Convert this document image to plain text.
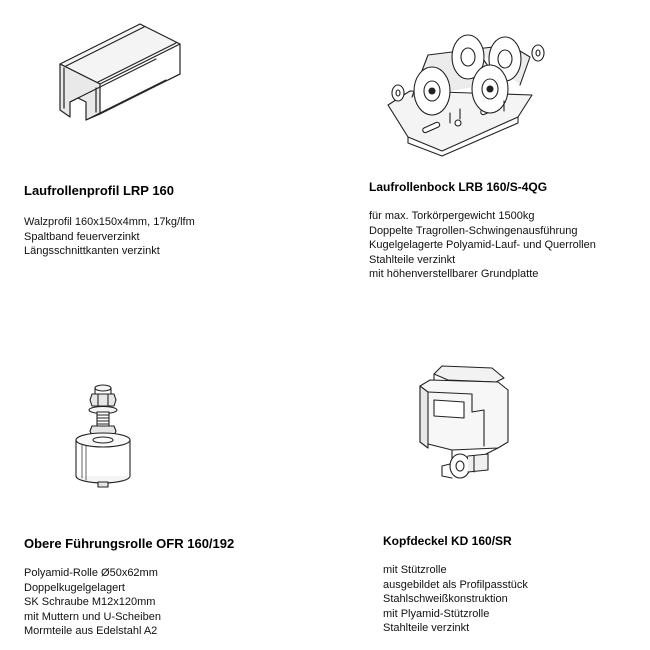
Laufrollenprofil LRP 160
Walzprofil 160x150x4mm, 17kg/lfm
Spaltband feuerverzinkt
Längsschnittkanten verzinkt
Laufrollenbock LRB 160/S-4QG
für max. Torkörpergewicht 1500kg
Doppelte Tragrollen-Schwingenausführung
Kugelgelagerte Polyamid-Lauf- und Querrollen
Stahlteile verzinkt
mit höhenverstellbarer Grundplatte
Obere Führungsrolle OFR 160/192
Polyamid-Rolle Ø50x62mm
Doppelkugelgelagert
SK Schraube M12x120mm
mit Muttern und U-Scheiben
Mormteile aus Edelstahl A2
Kopfdeckel KD 160/SR
mit Stützrolle
ausgebildet als Profilpasstück
Stahlschweißkonstruktion
mit Plyamid-Stützrolle
Stahlteile verzinkt
